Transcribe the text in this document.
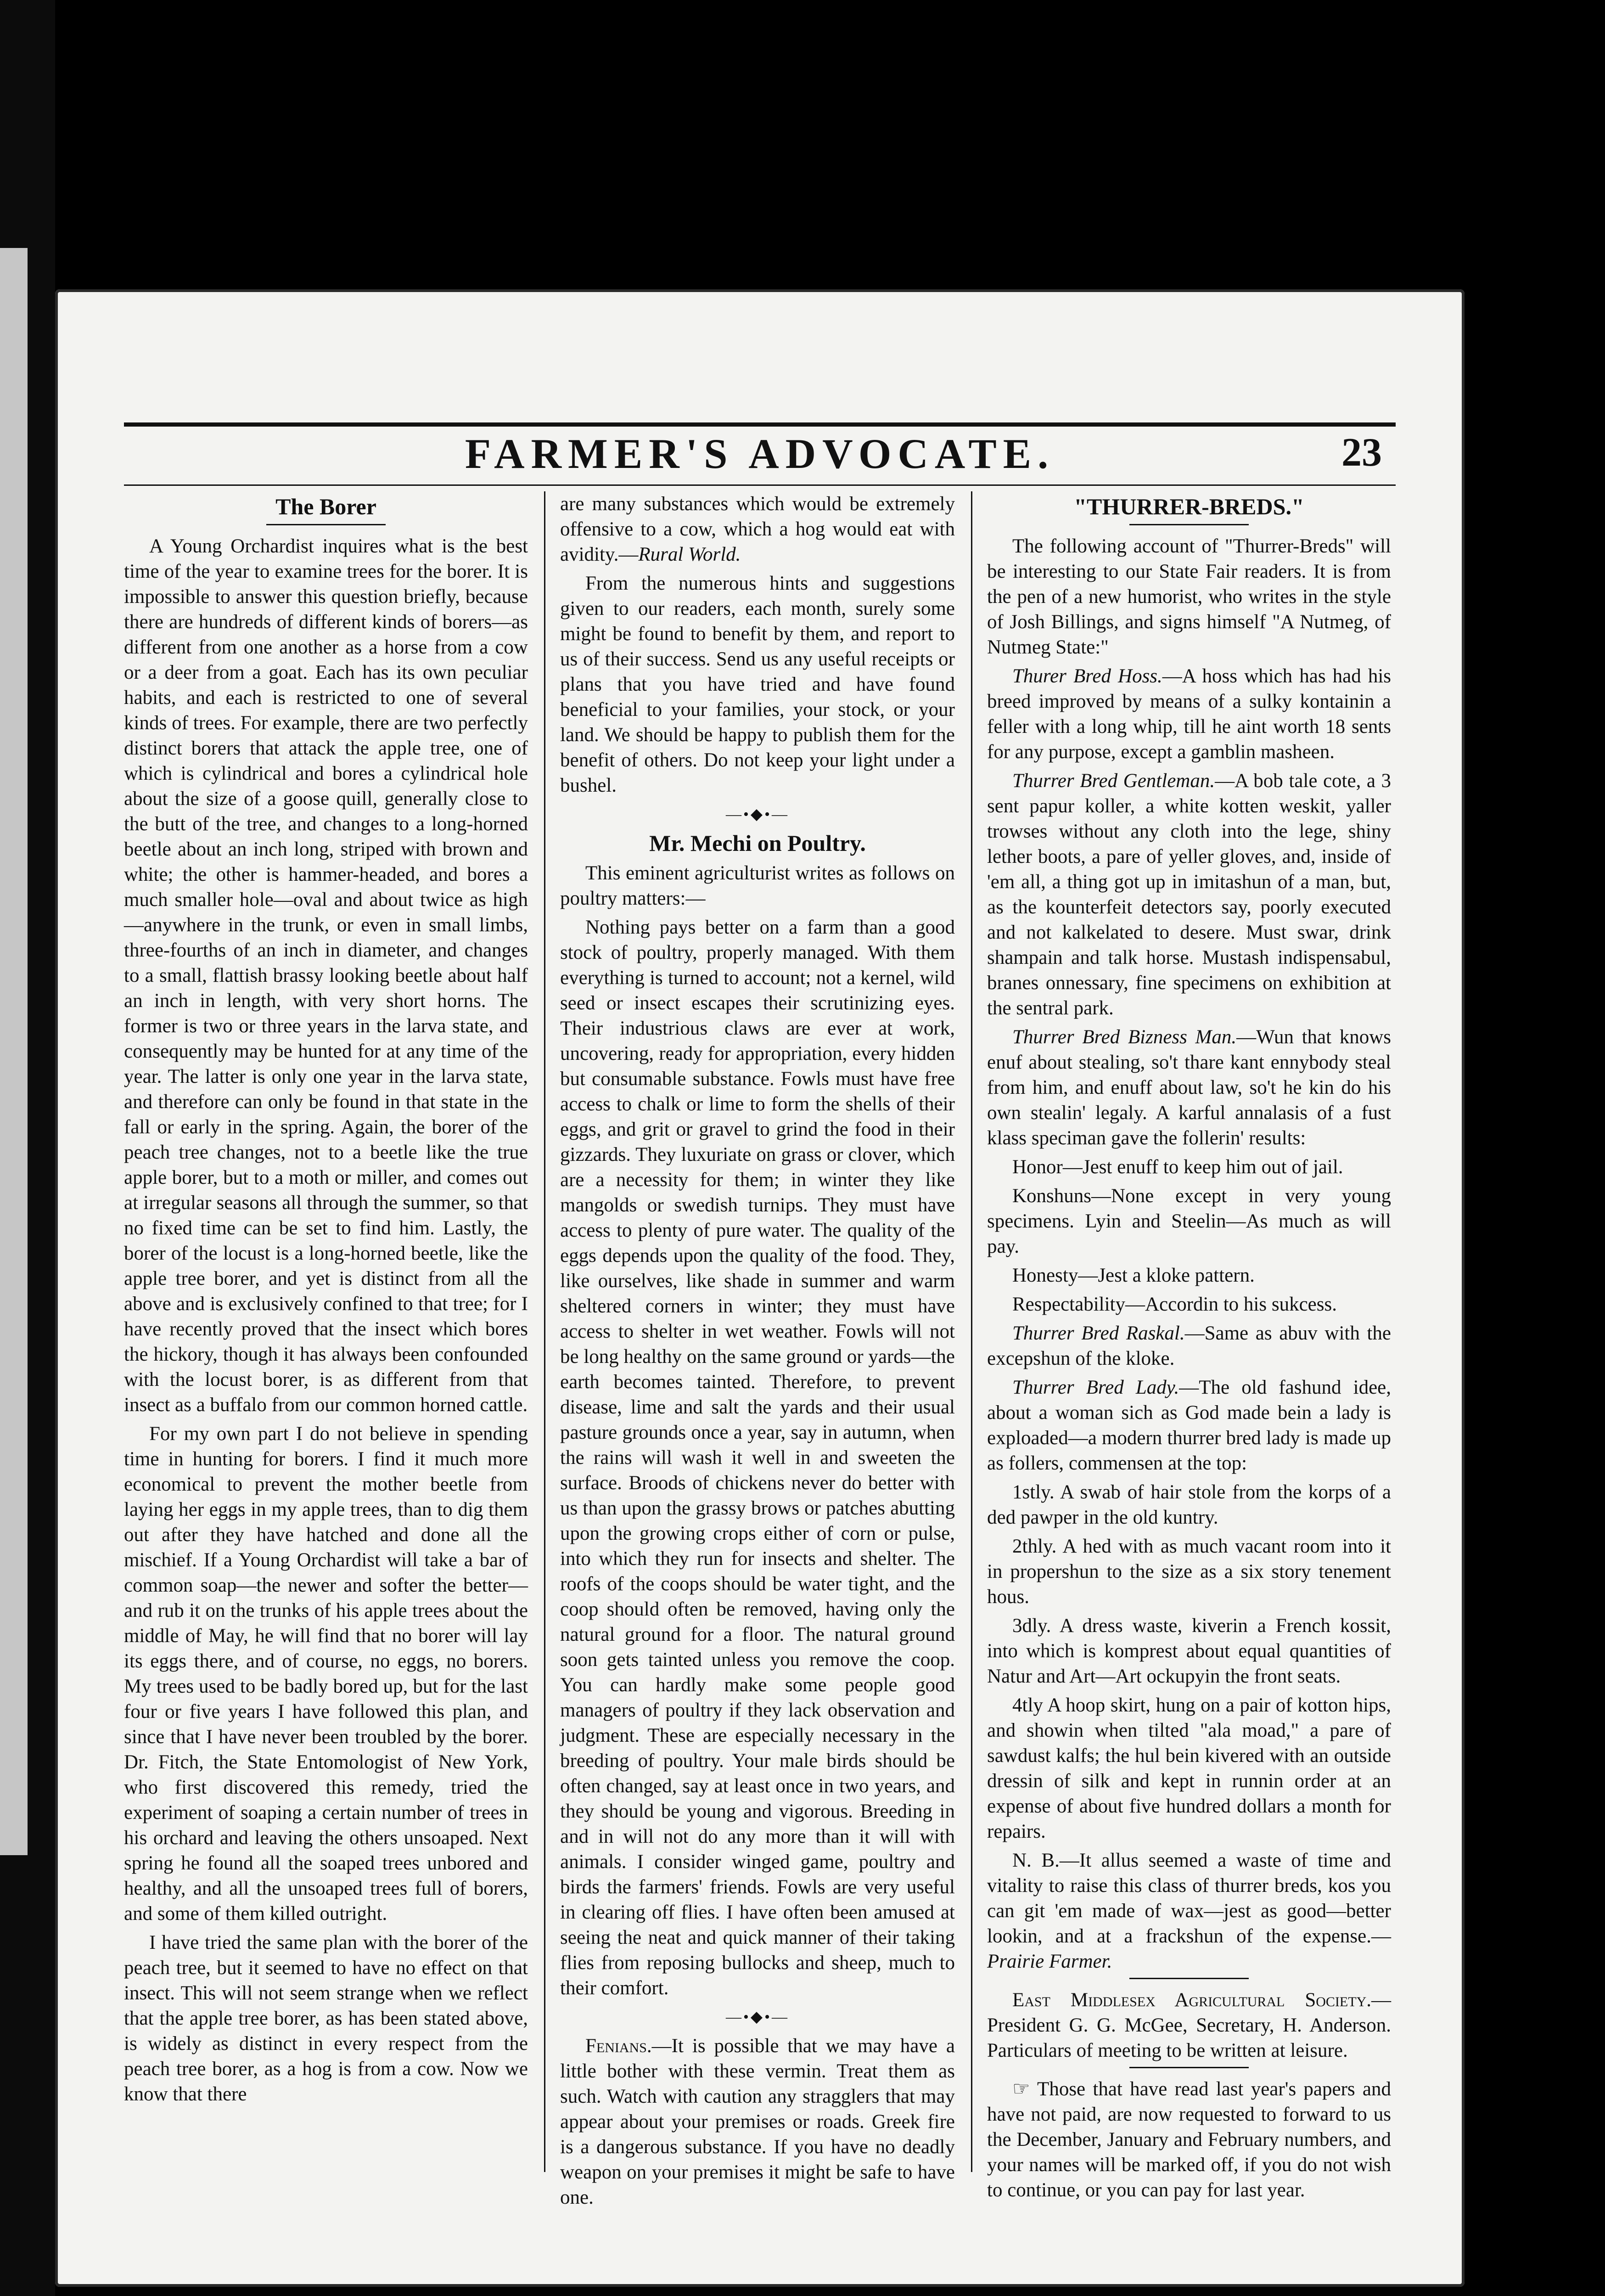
FARMER'S ADVOCATE.	23
The Borer

A Young Orchardist inquires what is the best time of the year to examine trees for the borer. It is impossible to answer this question briefly, because there are hundreds of different kinds of borers—as different from one another as a horse from a cow or a deer from a goat. Each has its own peculiar habits, and each is restricted to one of several kinds of trees. For example, there are two perfectly distinct borers that attack the apple tree, one of which is cylindrical and bores a cylindrical hole about the size of a goose quill, generally close to the butt of the tree, and changes to a long-horned beetle about an inch long, striped with brown and white; the other is hammer-headed, and bores a much smaller hole—oval and about twice as high—anywhere in the trunk, or even in small limbs, three-fourths of an inch in diameter, and changes to a small, flattish brassy looking beetle about half an inch in length, with very short horns. The former is two or three years in the larva state, and consequently may be hunted for at any time of the year. The latter is only one year in the larva state, and therefore can only be found in that state in the fall or early in the spring. Again, the borer of the peach tree changes, not to a beetle like the true apple borer, but to a moth or miller, and comes out at irregular seasons all through the summer, so that no fixed time can be set to find him. Lastly, the borer of the locust is a long-horned beetle, like the apple tree borer, and yet is distinct from all the above and is exclusively confined to that tree; for I have recently proved that the insect which bores the hickory, though it has always been confounded with the locust borer, is as different from that insect as a buffalo from our common horned cattle.

For my own part I do not believe in spending time in hunting for borers. I find it much more economical to prevent the mother beetle from laying her eggs in my apple trees, than to dig them out after they have hatched and done all the mischief. If a Young Orchardist will take a bar of common soap—the newer and softer the better—and rub it on the trunks of his apple trees about the middle of May, he will find that no borer will lay its eggs there, and of course, no eggs, no borers. My trees used to be badly bored up, but for the last four or five years I have followed this plan, and since that I have never been troubled by the borer. Dr. Fitch, the State Entomologist of New York, who first discovered this remedy, tried the experiment of soaping a certain number of trees in his orchard and leaving the others unsoaped. Next spring he found all the soaped trees unbored and healthy, and all the unsoaped trees full of borers, and some of them killed outright.

I have tried the same plan with the borer of the peach tree, but it seemed to have no effect on that insect. This will not seem strange when we reflect that the apple tree borer, as has been stated above, is widely as distinct in every respect from the peach tree borer, as a hog is from a cow. Now we know that there

are many substances which would be extremely offensive to a cow, which a hog would eat with avidity.—Rural World.

From the numerous hints and suggestions given to our readers, each month, surely some might be found to benefit by them, and report to us of their success. Send us any useful receipts or plans that you have tried and have found beneficial to your families, your stock, or your land. We should be happy to publish them for the benefit of others. Do not keep your light under a bushel.

—•◆•—
Mr. Mechi on Poultry.

This eminent agriculturist writes as follows on poultry matters:—

Nothing pays better on a farm than a good stock of poultry, properly managed. With them everything is turned to account; not a kernel, wild seed or insect escapes their scrutinizing eyes. Their industrious claws are ever at work, uncovering, ready for appropriation, every hidden but consumable substance. Fowls must have free access to chalk or lime to form the shells of their eggs, and grit or gravel to grind the food in their gizzards. They luxuriate on grass or clover, which are a necessity for them; in winter they like mangolds or swedish turnips. They must have access to plenty of pure water. The quality of the eggs depends upon the quality of the food. They, like ourselves, like shade in summer and warm sheltered corners in winter; they must have access to shelter in wet weather. Fowls will not be long healthy on the same ground or yards—the earth becomes tainted. Therefore, to prevent disease, lime and salt the yards and their usual pasture grounds once a year, say in autumn, when the rains will wash it well in and sweeten the surface. Broods of chickens never do better with us than upon the grassy brows or patches abutting upon the growing crops either of corn or pulse, into which they run for insects and shelter. The roofs of the coops should be water tight, and the coop should often be removed, having only the natural ground for a floor. The natural ground soon gets tainted unless you remove the coop. You can hardly make some people good managers of poultry if they lack observation and judgment. These are especially necessary in the breeding of poultry. Your male birds should be often changed, say at least once in two years, and they should be young and vigorous. Breeding in and in will not do any more than it will with animals. I consider winged game, poultry and birds the farmers' friends. Fowls are very useful in clearing off flies. I have often been amused at seeing the neat and quick manner of their taking flies from reposing bullocks and sheep, much to their comfort.

—•◆•—

Fenians.—It is possible that we may have a little bother with these vermin. Treat them as such. Watch with caution any stragglers that may appear about your premises or roads. Greek fire is a dangerous substance. If you have no deadly weapon on your premises it might be safe to have one.

"THURRER-BREDS."

The following account of "Thurrer-Breds" will be interesting to our State Fair readers. It is from the pen of a new humorist, who writes in the style of Josh Billings, and signs himself "A Nutmeg, of Nutmeg State:"

Thurer Bred Hoss.—A hoss which has had his breed improved by means of a sulky kontainin a feller with a long whip, till he aint worth 18 sents for any purpose, except a gamblin masheen.

Thurrer Bred Gentleman.—A bob tale cote, a 3 sent papur koller, a white kotten weskit, yaller trowses without any cloth into the lege, shiny lether boots, a pare of yeller gloves, and, inside of 'em all, a thing got up in imitashun of a man, but, as the kounterfeit detectors say, poorly executed and not kalkelated to desere. Must swar, drink shampain and talk horse. Mustash indispensabul, branes onnessary, fine specimens on exhibition at the sentral park.

Thurrer Bred Bizness Man.—Wun that knows enuf about stealing, so't thare kant ennybody steal from him, and enuff about law, so't he kin do his own stealin' legaly. A karful annalasis of a fust klass speciman gave the follerin' results:

Honor—Jest enuff to keep him out of jail.

Konshuns—None except in very young specimens. Lyin and Steelin—As much as will pay.

Honesty—Jest a kloke pattern.

Respectability—Accordin to his sukcess.

Thurrer Bred Raskal.—Same as abuv with the excepshun of the kloke.

Thurrer Bred Lady.—The old fashund idee, about a woman sich as God made bein a lady is exploaded—a modern thurrer bred lady is made up as follers, commensen at the top:

1stly. A swab of hair stole from the korps of a ded pawper in the old kuntry.

2thly. A hed with as much vacant room into it in propershun to the size as a six story tenement hous.

3dly. A dress waste, kiverin a French kossit, into which is komprest about equal quantities of Natur and Art—Art ockupyin the front seats.

4tly A hoop skirt, hung on a pair of kotton hips, and showin when tilted "ala moad," a pare of sawdust kalfs; the hul bein kivered with an outside dressin of silk and kept in runnin order at an expense of about five hundred dollars a month for repairs.

N. B.—It allus seemed a waste of time and vitality to raise this class of thurrer breds, kos you can git 'em made of wax—jest as good—better lookin, and at a frackshun of the expense.—Prairie Farmer.

East Middlesex Agricultural Society.—President G. G. McGee, Secretary, H. Anderson. Particulars of meeting to be written at leisure.

☞ Those that have read last year's papers and have not paid, are now requested to forward to us the December, January and February numbers, and your names will be marked off, if you do not wish to continue, or you can pay for last year.
